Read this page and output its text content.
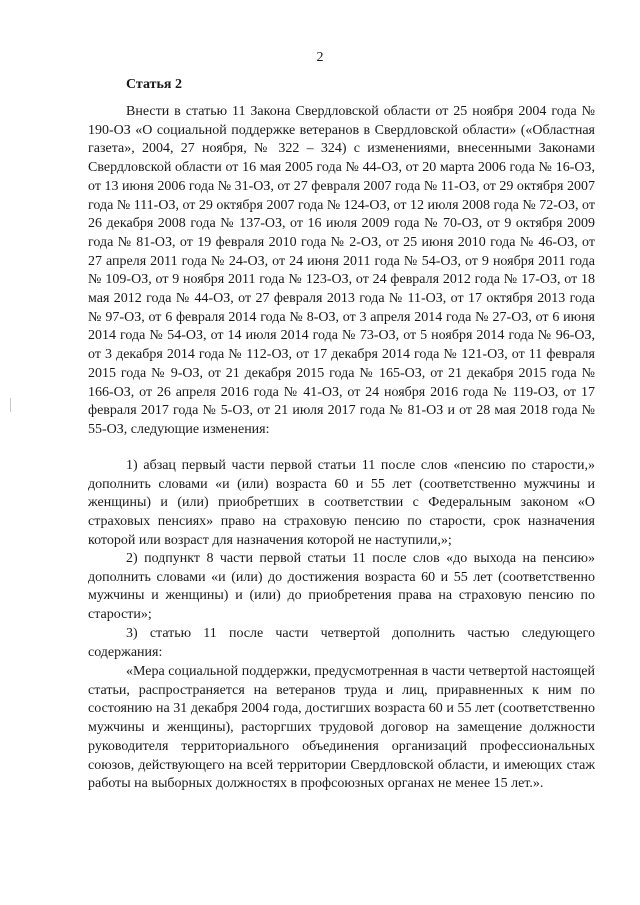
2
Статья 2

Внести в статью 11 Закона Свердловской области от 25 ноября 2004 года № 190-ОЗ «О социальной поддержке ветеранов в Свердловской области» («Областная газета», 2004, 27 ноября, № 322 – 324) с изменениями, внесенными Законами Свердловской области от 16 мая 2005 года № 44-ОЗ, от 20 марта 2006 года № 16-ОЗ, от 13 июня 2006 года № 31-ОЗ, от 27 февраля 2007 года № 11-ОЗ, от 29 октября 2007 года № 111-ОЗ, от 29 октября 2007 года № 124-ОЗ, от 12 июля 2008 года № 72-ОЗ, от 26 декабря 2008 года № 137-ОЗ, от 16 июля 2009 года № 70-ОЗ, от 9 октября 2009 года № 81-ОЗ, от 19 февраля 2010 года № 2-ОЗ, от 25 июня 2010 года № 46-ОЗ, от 27 апреля 2011 года № 24-ОЗ, от 24 июня 2011 года № 54-ОЗ, от 9 ноября 2011 года № 109-ОЗ, от 9 ноября 2011 года № 123-ОЗ, от 24 февраля 2012 года № 17-ОЗ, от 18 мая 2012 года № 44-ОЗ, от 27 февраля 2013 года № 11-ОЗ, от 17 октября 2013 года № 97-ОЗ, от 6 февраля 2014 года № 8-ОЗ, от 3 апреля 2014 года № 27-ОЗ, от 6 июня 2014 года № 54-ОЗ, от 14 июля 2014 года № 73-ОЗ, от 5 ноября 2014 года № 96-ОЗ, от 3 декабря 2014 года № 112-ОЗ, от 17 декабря 2014 года № 121-ОЗ, от 11 февраля 2015 года № 9-ОЗ, от 21 декабря 2015 года № 165-ОЗ, от 21 декабря 2015 года № 166-ОЗ, от 26 апреля 2016 года № 41-ОЗ, от 24 ноября 2016 года № 119-ОЗ, от 17 февраля 2017 года № 5-ОЗ, от 21 июля 2017 года № 81-ОЗ и от 28 мая 2018 года № 55-ОЗ, следующие изменения:

1) абзац первый части первой статьи 11 после слов «пенсию по старости,» дополнить словами «и (или) возраста 60 и 55 лет (соответственно мужчины и женщины) и (или) приобретших в соответствии с Федеральным законом «О страховых пенсиях» право на страховую пенсию по старости, срок назначения которой или возраст для назначения которой не наступили,»;

2) подпункт 8 части первой статьи 11 после слов «до выхода на пенсию» дополнить словами «и (или) до достижения возраста 60 и 55 лет (соответственно мужчины и женщины) и (или) до приобретения права на страховую пенсию по старости»;

3) статью 11 после части четвертой дополнить частью следующего содержания:

«Мера социальной поддержки, предусмотренная в части четвертой настоящей статьи, распространяется на ветеранов труда и лиц, приравненных к ним по состоянию на 31 декабря 2004 года, достигших возраста 60 и 55 лет (соответственно мужчины и женщины), расторгших трудовой договор на замещение должности руководителя территориального объединения организаций профессиональных союзов, действующего на всей территории Свердловской области, и имеющих стаж работы на выборных должностях в профсоюзных органах не менее 15 лет.».
